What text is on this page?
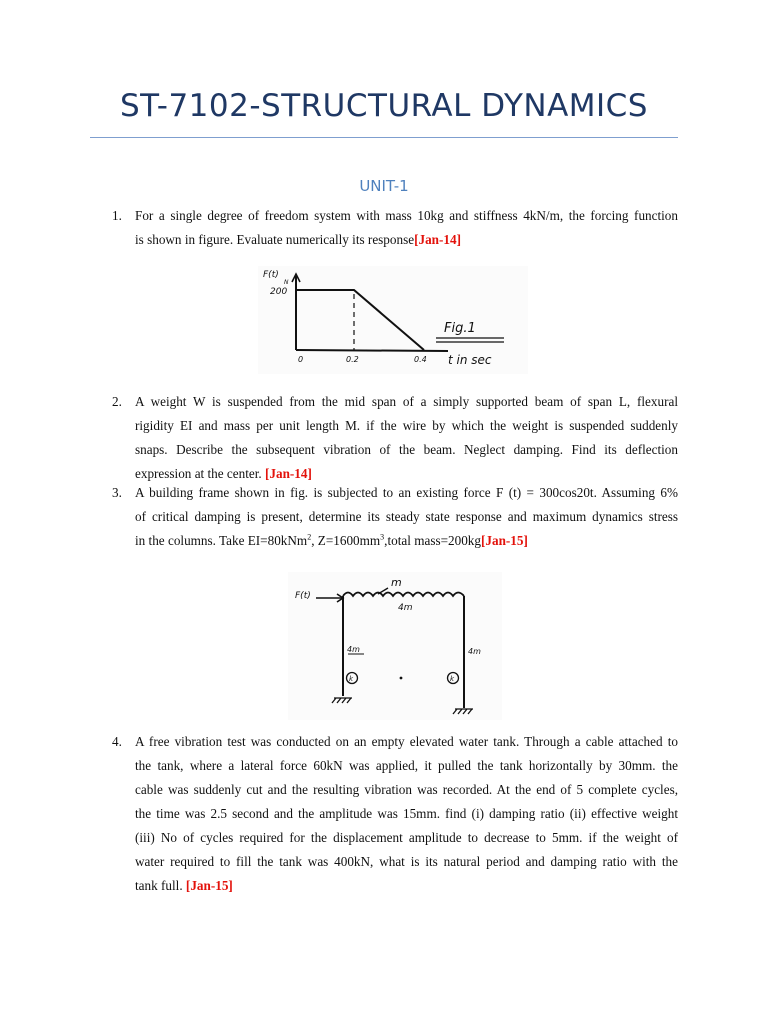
ST-7102-STRUCTURAL DYNAMICS
UNIT-1
1. For a single degree of freedom system with mass 10kg and stiffness 4kN/m, the forcing function
is shown in figure. Evaluate numerically its response[Jan-14]
F(t)
N
200
0	0.2	0.4 t in sec
Fig.1
2. A weight W is suspended from the mid span of a simply supported beam of span L, flexural
rigidity EI and mass per unit length M. if the wire by which the weight is suspended suddenly
snaps. Describe the subsequent vibration of the beam. Neglect damping. Find its deflection
expression at the center. [Jan-14]
3. A building frame shown in fig. is subjected to an existing force F (t) = 300cos20t. Assuming 6%
of critical damping is present, determine its steady state response and maximum dynamics stress
in the columns. Take EI=80kNm$^2$, $Z=1600mm^3,total$ mass=200kg[Jan-15]
F(t)
m
4m
4m	4m
k	k
4. A free vibration test was conducted on an empty elevated water tank. Through a cable attached to
the tank, where a lateral force 60kN was applied, it pulled the tank horizontally by 30mm. the
cable was suddenly cut and the resulting vibration was recorded. At the end of 5 complete cycles,
the time was 2.5 second and the amplitude was 15mm. find (i) damping ratio (ii) effective weight
(iii) No of cycles required for the displacement amplitude to decrease to 5mm. if the weight of
water required to fill the tank was 400kN, what is its natural period and damping ratio with the
tank full. [Jan-15]
